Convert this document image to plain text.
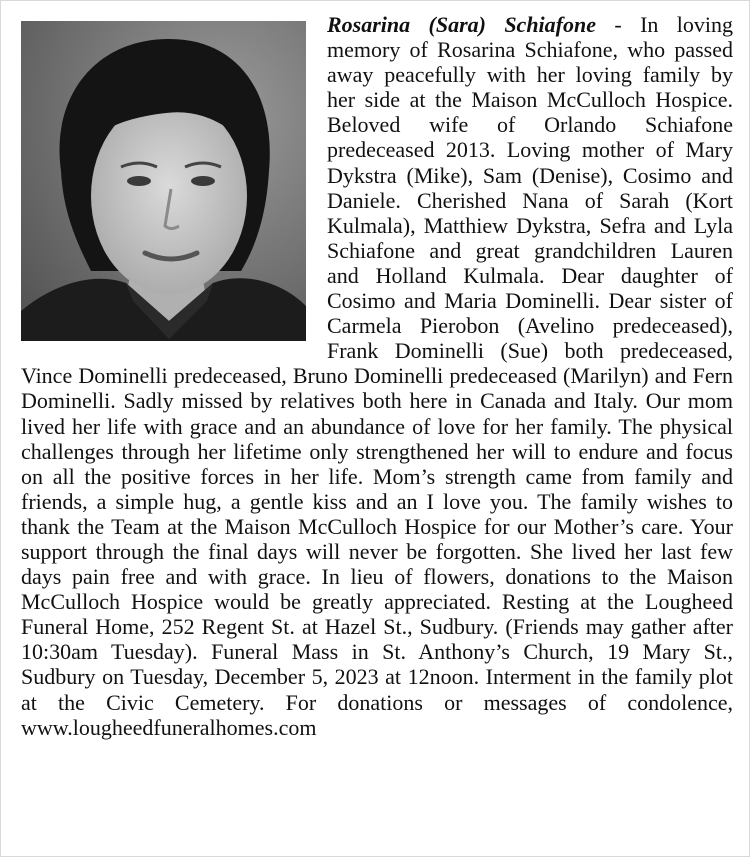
Rosarina (Sara) Schiafone - In loving memory of Rosarina Schiafone, who passed away peacefully with her loving family by her side at the Maison McCulloch Hospice. Beloved wife of Orlando Schiafone predeceased 2013. Loving mother of Mary Dykstra (Mike), Sam (Denise), Cosimo and Daniele. Cherished Nana of Sarah (Kort Kulmala), Matthiew Dykstra, Sefra and Lyla Schiafone and great grandchildren Lauren and Holland Kulmala. Dear daughter of Cosimo and Maria Dominelli. Dear sister of Carmela Pierobon (Avelino predeceased), Frank Dominelli (Sue) both predeceased, Vince Dominelli predeceased, Bruno Dominelli predeceased (Marilyn) and Fern Dominelli. Sadly missed by relatives both here in Canada and Italy. Our mom lived her life with grace and an abundance of love for her family. The physical challenges through her lifetime only strengthened her will to endure and focus on all the positive forces in her life. Mom’s strength came from family and friends, a simple hug, a gentle kiss and an I love you. The family wishes to thank the Team at the Maison McCulloch Hospice for our Mother’s care. Your support through the final days will never be forgotten. She lived her last few days pain free and with grace. In lieu of flowers, donations to the Maison McCulloch Hospice would be greatly appreciated. Resting at the Lougheed Funeral Home, 252 Regent St. at Hazel St., Sudbury. (Friends may gather after 10:30am Tuesday). Funeral Mass in St. Anthony’s Church, 19 Mary St., Sudbury on Tuesday, December 5, 2023 at 12noon. Interment in the family plot at the Civic Cemetery. For donations or messages of condolence, www.lougheedfuneralhomes.com
